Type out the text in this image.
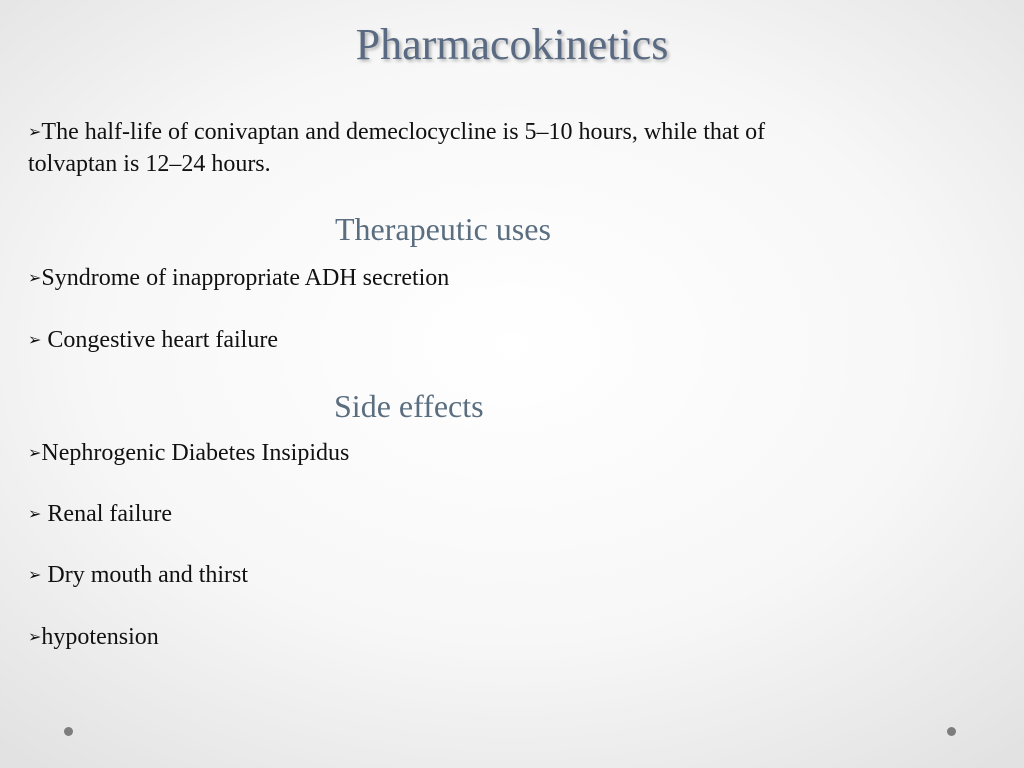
Pharmacokinetics

➢The half-life of conivaptan and demeclocycline is 5–10 hours, while that of
tolvaptan is 12–24 hours.

Therapeutic uses

➢Syndrome of inappropriate ADH secretion

➢ Congestive heart failure

Side effects

➢Nephrogenic Diabetes Insipidus

➢ Renal failure

➢ Dry mouth and thirst

➢hypotension
